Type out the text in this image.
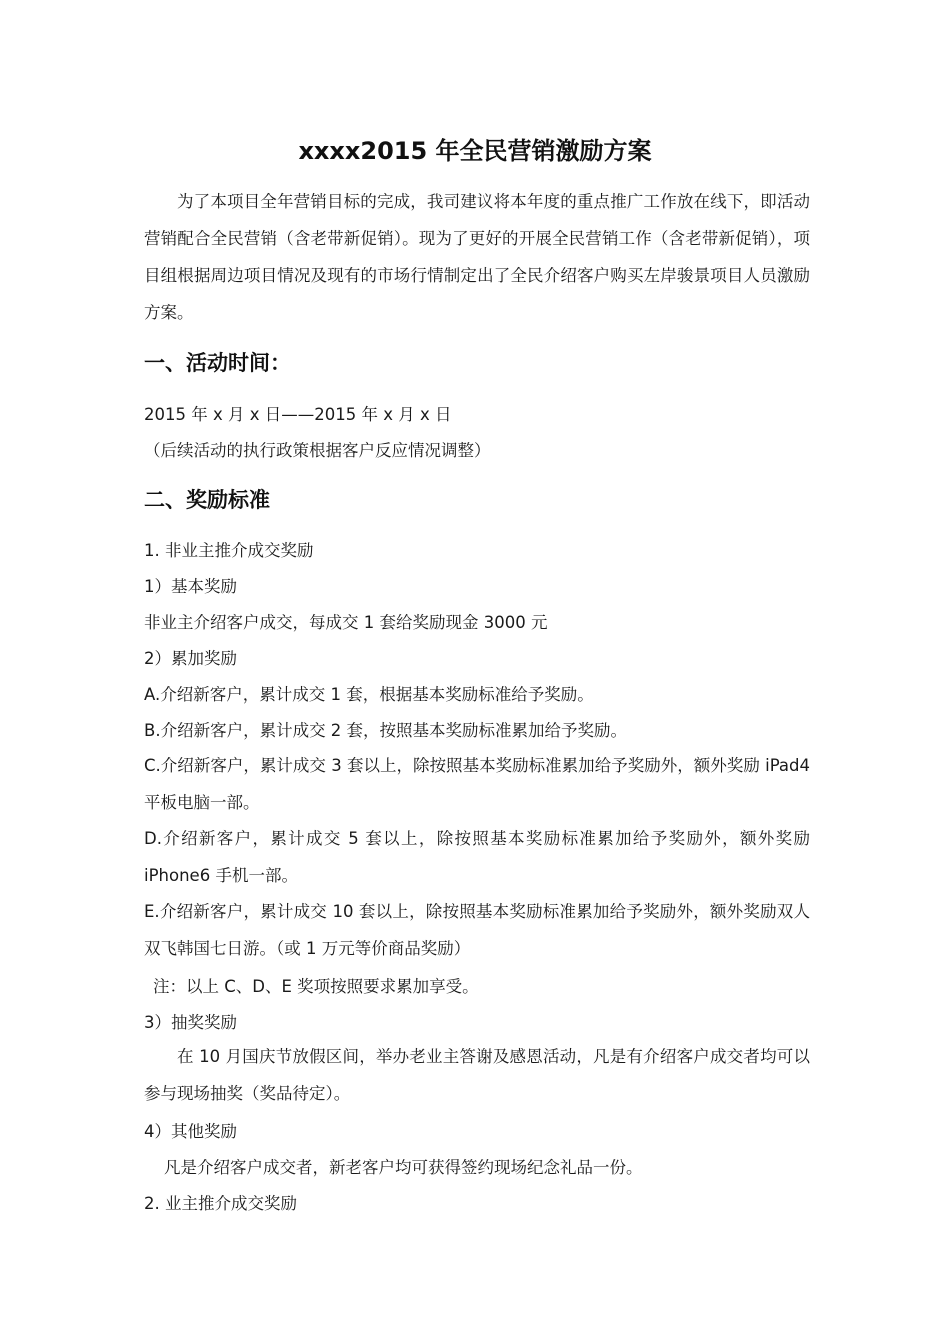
xxxx2015 年全民营销激励方案
为了本项目全年营销目标的完成，我司建议将本年度的重点推广工作放在线下，即活动营销配合全民营销（含老带新促销）。现为了更好的开展全民营销工作（含老带新促销），项目组根据周边项目情况及现有的市场行情制定出了全民介绍客户购买左岸骏景项目人员激励方案。
一、活动时间：
2015 年 x 月 x 日——2015 年 x 月 x 日
（后续活动的执行政策根据客户反应情况调整）
二、奖励标准
1. 非业主推介成交奖励
1）基本奖励
非业主介绍客户成交，每成交 1 套给奖励现金 3000 元
2）累加奖励
A.介绍新客户，累计成交 1 套，根据基本奖励标准给予奖励。
B.介绍新客户，累计成交 2 套，按照基本奖励标准累加给予奖励。
C.介绍新客户，累计成交 3 套以上，除按照基本奖励标准累加给予奖励外，额外奖励 iPad4 平板电脑一部。
D.介绍新客户，累计成交 5 套以上，除按照基本奖励标准累加给予奖励外，额外奖励 iPhone6 手机一部。
E.介绍新客户，累计成交 10 套以上，除按照基本奖励标准累加给予奖励外，额外奖励双人双飞韩国七日游。（或 1 万元等价商品奖励）
注：以上 C、D、E 奖项按照要求累加享受。
3）抽奖奖励
在 10 月国庆节放假区间，举办老业主答谢及感恩活动，凡是有介绍客户成交者均可以参与现场抽奖（奖品待定）。
4）其他奖励
凡是介绍客户成交者，新老客户均可获得签约现场纪念礼品一份。
2. 业主推介成交奖励
